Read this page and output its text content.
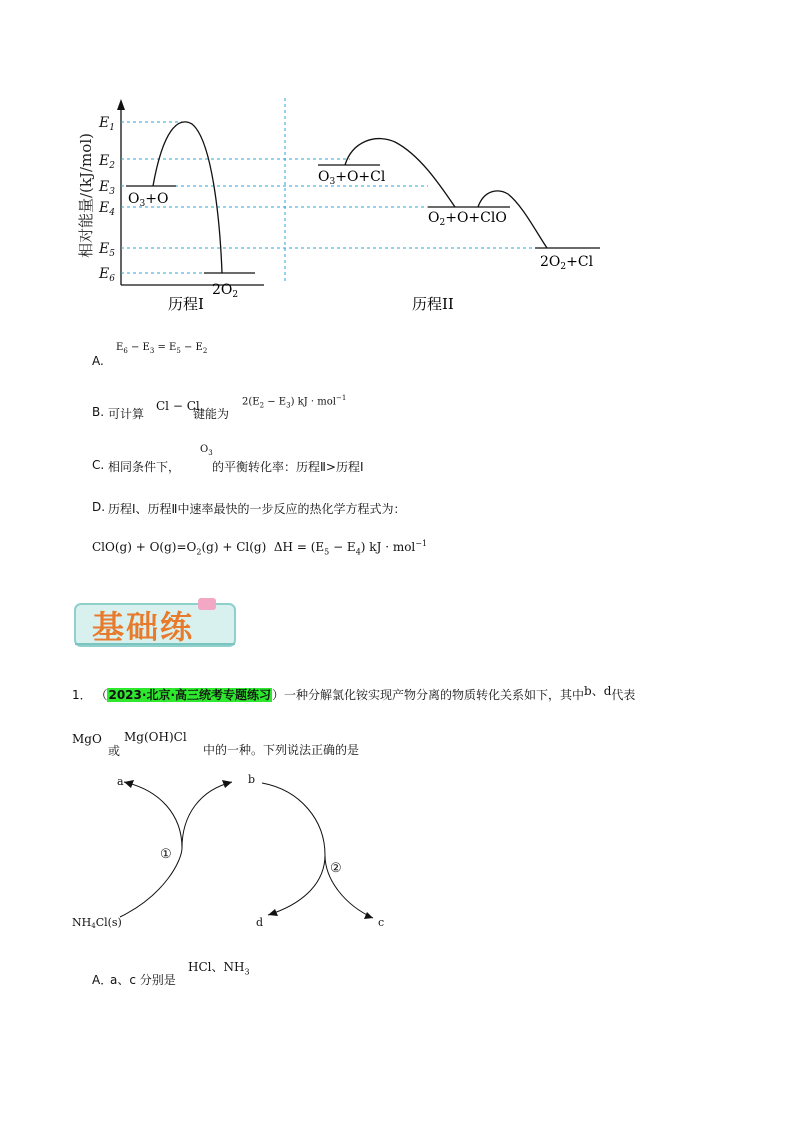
相对能量/(kJ/mol)
$E_1$
$E_2$
$E_3$
$E_4$
$E_5$
$E_6$
$O_3+O$
$2O_2$
$O_3+O+Cl$
$O_2+O+ClO$
$2O_2+Cl$
历程I	历程II
A.
$E_6 - E_3 = E_5 - E_2$
B. 可计算
Cl − Cl
键能为
$2(E_2 - E_3)$ kJ · mol$^{-1}$
C. 相同条件下，
$O_3$
的平衡转化率：历程Ⅱ>历程Ⅰ
D. 历程Ⅰ、历程Ⅱ中速率最快的一步反应的热化学方程式为：
$ClO(g) + O(g)=O_2(g) + Cl(g) \Delta H = (E_5 - E_4)$ kJ · mol$^{-1}$
基础练
1． （2023·北京·高三统考专题练习）一种分解氯化铵实现产物分离的物质转化关系如下，其中b、d代表
MgO
或
Mg(OH)Cl
中的一种。下列说法正确的是
a	b
d	c
NH4Cl(s)
①
②
A．
a、c 分别是
HCl、$NH_3$
